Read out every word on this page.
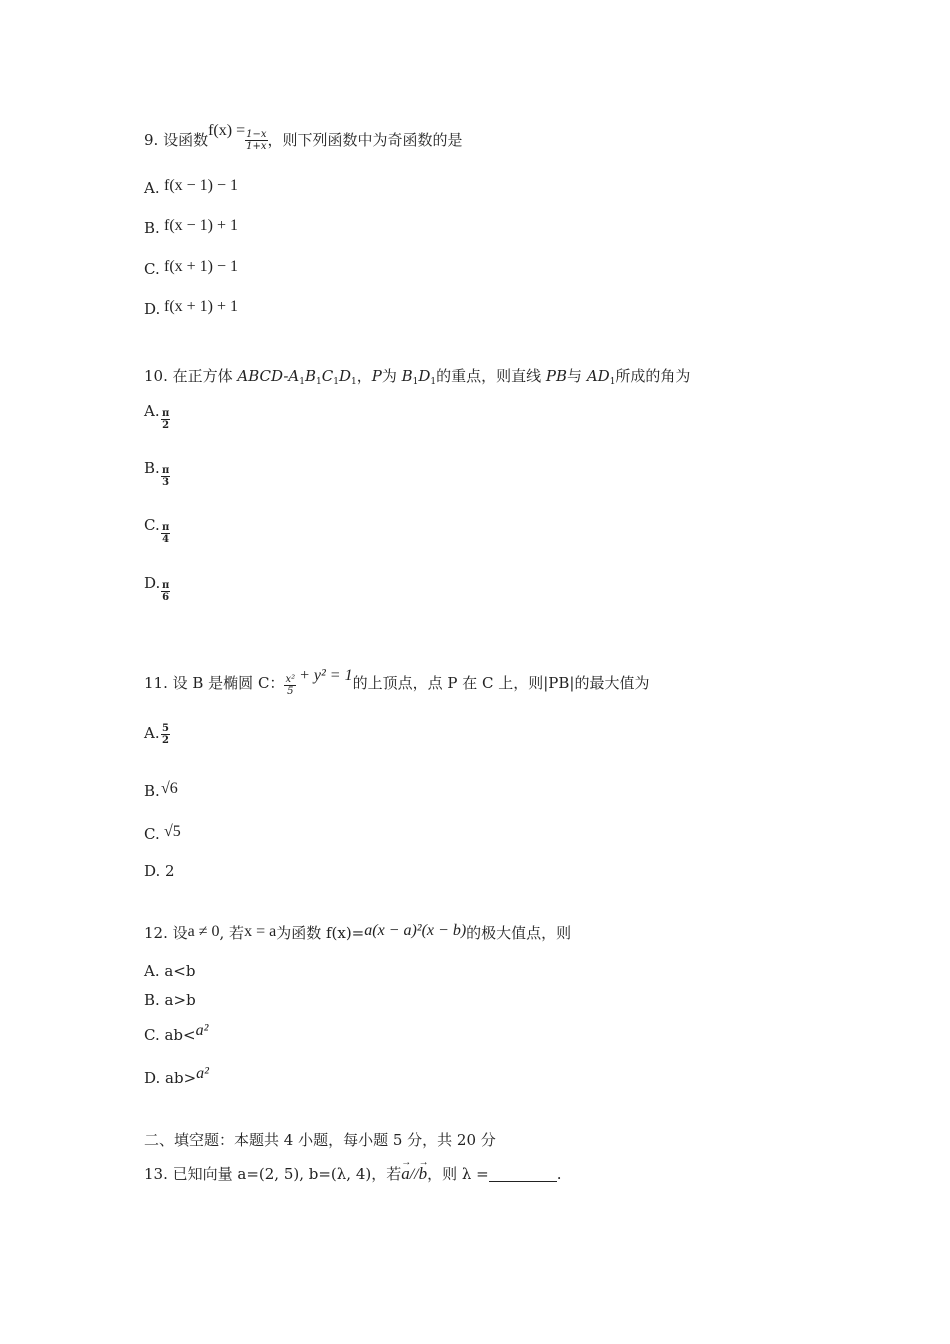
9. 设函数$f(x) = \frac{1-x}{1+x}$ ，则下列函数中为奇函数的是
A. f(x − 1) − 1
B. f(x − 1) + 1
C. f(x + 1) − 1
D. f(x + 1) + 1
10. 在正方体 ABCD-$A_1B_1C_1D_1$，P为 $B_1D_1$的重点，则直线 PB与 $AD_1$所成的角为
A. $\frac{\pi}{2}$
B. $\frac{\pi}{3}$
C. $\frac{\pi}{4}$
D. $\frac{\pi}{6}$
11. 设 B 是椭圆 C： $\frac{\text{x²}}{5} + y^2 = 1$的上顶点，点 P 在 C 上，则|PB|的最大值为
A. $\frac{5}{2}$
B.√6
C. √5
D. 2
12. 设a ≠ 0, 若x = a为函数 f(x)=a(x − a)²(x − b)的极大值点，则
A. a<b
B. a>b
C. ab<a²
D. ab>a²
二、填空题：本题共 4 小题，每小题 5 分，共 20 分
13. 已知向量 a=(2, 5), b=(λ, 4)，若→ a//→ b，则 λ =	.
